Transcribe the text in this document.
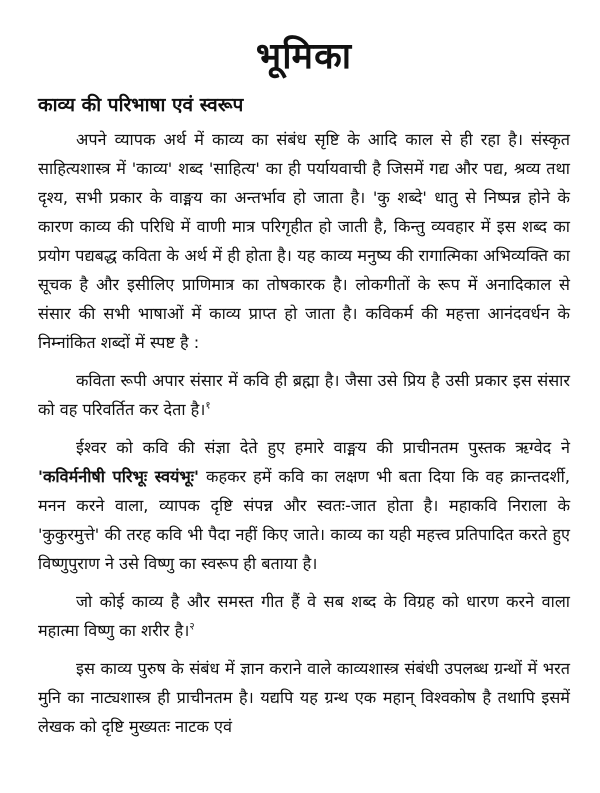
भूमिका
काव्य की परिभाषा एवं स्वरूप

अपने व्यापक अर्थ में काव्य का संबंध सृष्टि के आदि काल से ही रहा है। संस्कृत साहित्यशास्त्र में 'काव्य' शब्द 'साहित्य' का ही पर्यायवाची है जिसमें गद्य और पद्य, श्रव्य तथा दृश्य, सभी प्रकार के वाङ्मय का अन्तर्भाव हो जाता है। 'कु शब्दे' धातु से निष्पन्न होने के कारण काव्य की परिधि में वाणी मात्र परिगृहीत हो जाती है, किन्तु व्यवहार में इस शब्द का प्रयोग पद्यबद्ध कविता के अर्थ में ही होता है। यह काव्य मनुष्य की रागात्मिका अभिव्यक्ति का सूचक है और इसीलिए प्राणिमात्र का तोषकारक है। लोकगीतों के रूप में अनादिकाल से संसार की सभी भाषाओं में काव्य प्राप्त हो जाता है। कविकर्म की महत्ता आनंदवर्धन के निम्नांकित शब्दों में स्पष्ट है :

कविता रूपी अपार संसार में कवि ही ब्रह्मा है। जैसा उसे प्रिय है उसी प्रकार इस संसार को वह परिवर्तित कर देता है।$^१$

ईश्वर को कवि की संज्ञा देते हुए हमारे वाङ्मय की प्राचीनतम पुस्तक ऋग्वेद ने 'कविर्मनीषी परिभूः स्वयंभूः' कहकर हमें कवि का लक्षण भी बता दिया कि वह क्रान्तदर्शी, मनन करने वाला, व्यापक दृष्टि संपन्न और स्वतः-जात होता है। महाकवि निराला के 'कुकुरमुत्ते' की तरह कवि भी पैदा नहीं किए जाते। काव्य का यही महत्त्व प्रतिपादित करते हुए विष्णुपुराण ने उसे विष्णु का स्वरूप ही बताया है।

जो कोई काव्य है और समस्त गीत हैं वे सब शब्द के विग्रह को धारण करने वाला महात्मा विष्णु का शरीर है।$^२$

इस काव्य पुरुष के संबंध में ज्ञान कराने वाले काव्यशास्त्र संबंधी उपलब्ध ग्रन्थों में भरत मुनि का नाट्यशास्त्र ही प्राचीनतम है। यद्यपि यह ग्रन्थ एक महान् विश्वकोष है तथापि इसमें लेखक को दृष्टि मुख्यतः नाटक एवं
